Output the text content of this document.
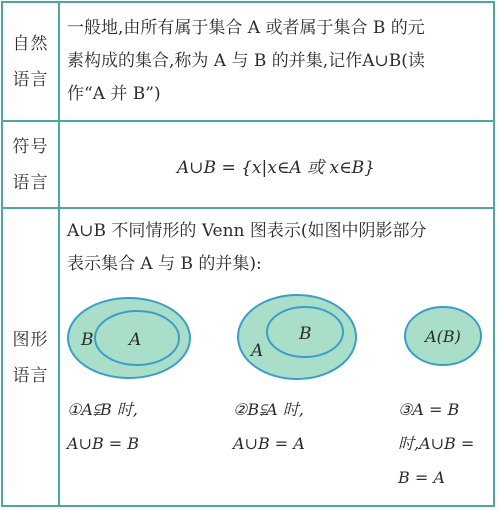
自然
语言
一般地,由所有属于集合 A 或者属于集合 B 的元
素构成的集合,称为 A 与 B 的并集,记作A∪B(读
作“A 并 B”)
符号
语言
A∪B = {x|x∈A 或 x∈B}
图形
语言
A∪B 不同情形的 Venn 图表示(如图中阴影部分
表示集合 A 与 B 的并集):
B A
A
B	A(B)
①A⫋B 时,
A∪B = B
②B⫋A 时,
A∪B = A
③A = B
时,A∪B =
B = A
